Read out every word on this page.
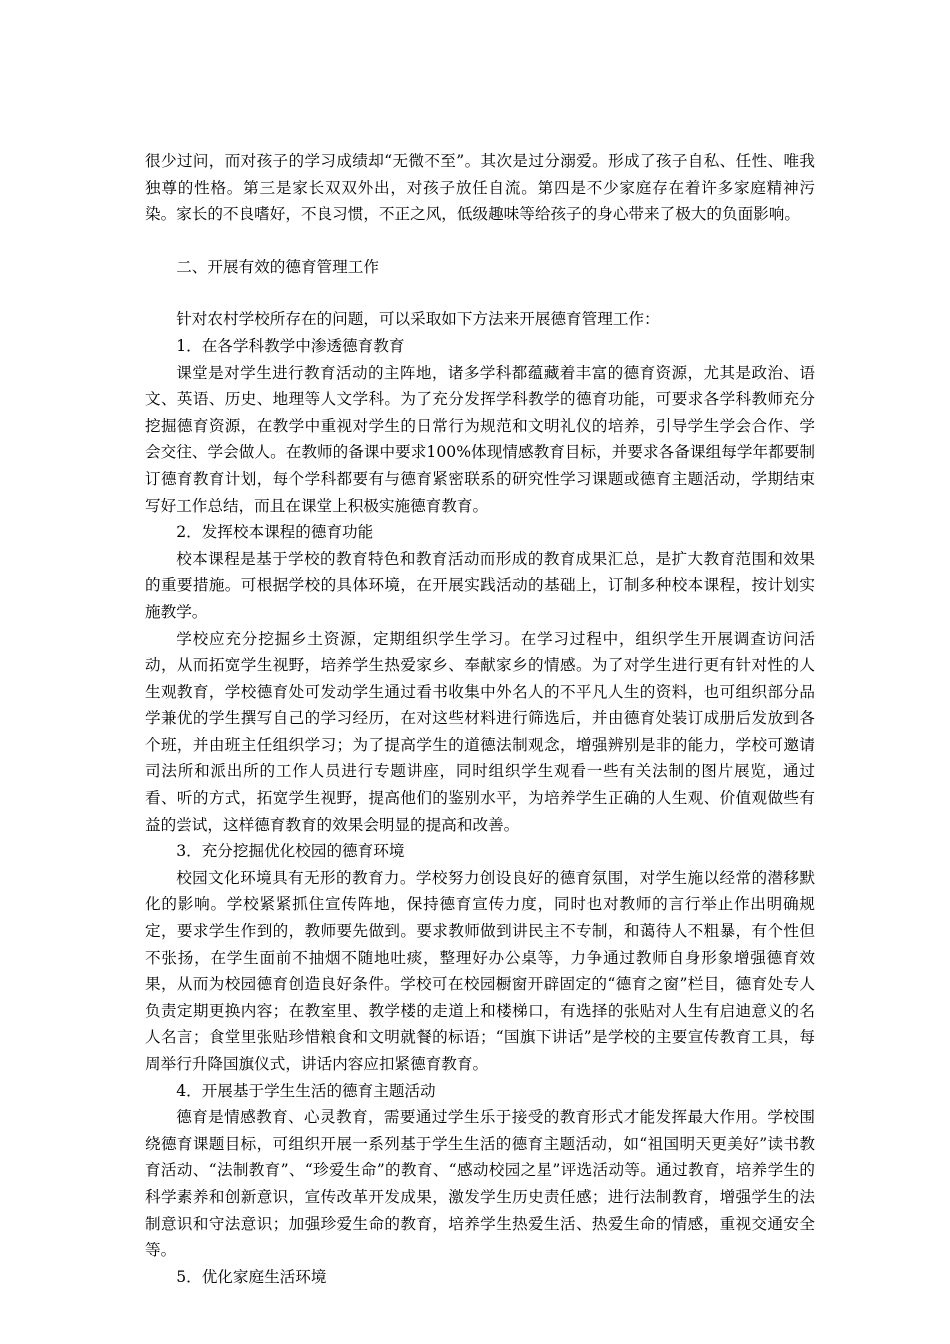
很少过问，而对孩子的学习成绩却“无微不至”。其次是过分溺爱。形成了孩子自私、任性、唯我独尊的性格。第三是家长双双外出，对孩子放任自流。第四是不少家庭存在着许多家庭精神污染。家长的不良嗜好，不良习惯，不正之风，低级趣味等给孩子的身心带来了极大的负面影响。

二、开展有效的德育管理工作

针对农村学校所存在的问题，可以采取如下方法来开展德育管理工作：

1．在各学科教学中渗透德育教育

课堂是对学生进行教育活动的主阵地，诸多学科都蕴藏着丰富的德育资源，尤其是政治、语文、英语、历史、地理等人文学科。为了充分发挥学科教学的德育功能，可要求各学科教师充分挖掘德育资源，在教学中重视对学生的日常行为规范和文明礼仪的培养，引导学生学会合作、学会交往、学会做人。在教师的备课中要求100%体现情感教育目标，并要求各备课组每学年都要制订德育教育计划，每个学科都要有与德育紧密联系的研究性学习课题或德育主题活动，学期结束写好工作总结，而且在课堂上积极实施德育教育。

2．发挥校本课程的德育功能

校本课程是基于学校的教育特色和教育活动而形成的教育成果汇总，是扩大教育范围和效果的重要措施。可根据学校的具体环境，在开展实践活动的基础上，订制多种校本课程，按计划实施教学。

学校应充分挖掘乡土资源，定期组织学生学习。在学习过程中，组织学生开展调查访问活动，从而拓宽学生视野，培养学生热爱家乡、奉献家乡的情感。为了对学生进行更有针对性的人生观教育，学校德育处可发动学生通过看书收集中外名人的不平凡人生的资料，也可组织部分品学兼优的学生撰写自己的学习经历，在对这些材料进行筛选后，并由德育处装订成册后发放到各个班，并由班主任组织学习；为了提高学生的道德法制观念，增强辨别是非的能力，学校可邀请司法所和派出所的工作人员进行专题讲座，同时组织学生观看一些有关法制的图片展览，通过看、听的方式，拓宽学生视野，提高他们的鉴别水平，为培养学生正确的人生观、价值观做些有益的尝试，这样德育教育的效果会明显的提高和改善。

3．充分挖掘优化校园的德育环境

校园文化环境具有无形的教育力。学校努力创设良好的德育氛围，对学生施以经常的潜移默化的影响。学校紧紧抓住宣传阵地，保持德育宣传力度，同时也对教师的言行举止作出明确规定，要求学生作到的，教师要先做到。要求教师做到讲民主不专制，和蔼待人不粗暴，有个性但不张扬，在学生面前不抽烟不随地吐痰，整理好办公桌等，力争通过教师自身形象增强德育效果，从而为校园德育创造良好条件。学校可在校园橱窗开辟固定的“德育之窗”栏目，德育处专人负责定期更换内容；在教室里、教学楼的走道上和楼梯口，有选择的张贴对人生有启迪意义的名人名言；食堂里张贴珍惜粮食和文明就餐的标语；“国旗下讲话”是学校的主要宣传教育工具，每周举行升降国旗仪式，讲话内容应扣紧德育教育。

4．开展基于学生生活的德育主题活动

德育是情感教育、心灵教育，需要通过学生乐于接受的教育形式才能发挥最大作用。学校围绕德育课题目标，可组织开展一系列基于学生生活的德育主题活动，如“祖国明天更美好”读书教育活动、“法制教育”、“珍爱生命”的教育、“感动校园之星”评选活动等。通过教育，培养学生的科学素养和创新意识，宣传改革开发成果，激发学生历史责任感；进行法制教育，增强学生的法制意识和守法意识；加强珍爱生命的教育，培养学生热爱生活、热爱生命的情感，重视交通安全等。

5．优化家庭生活环境
